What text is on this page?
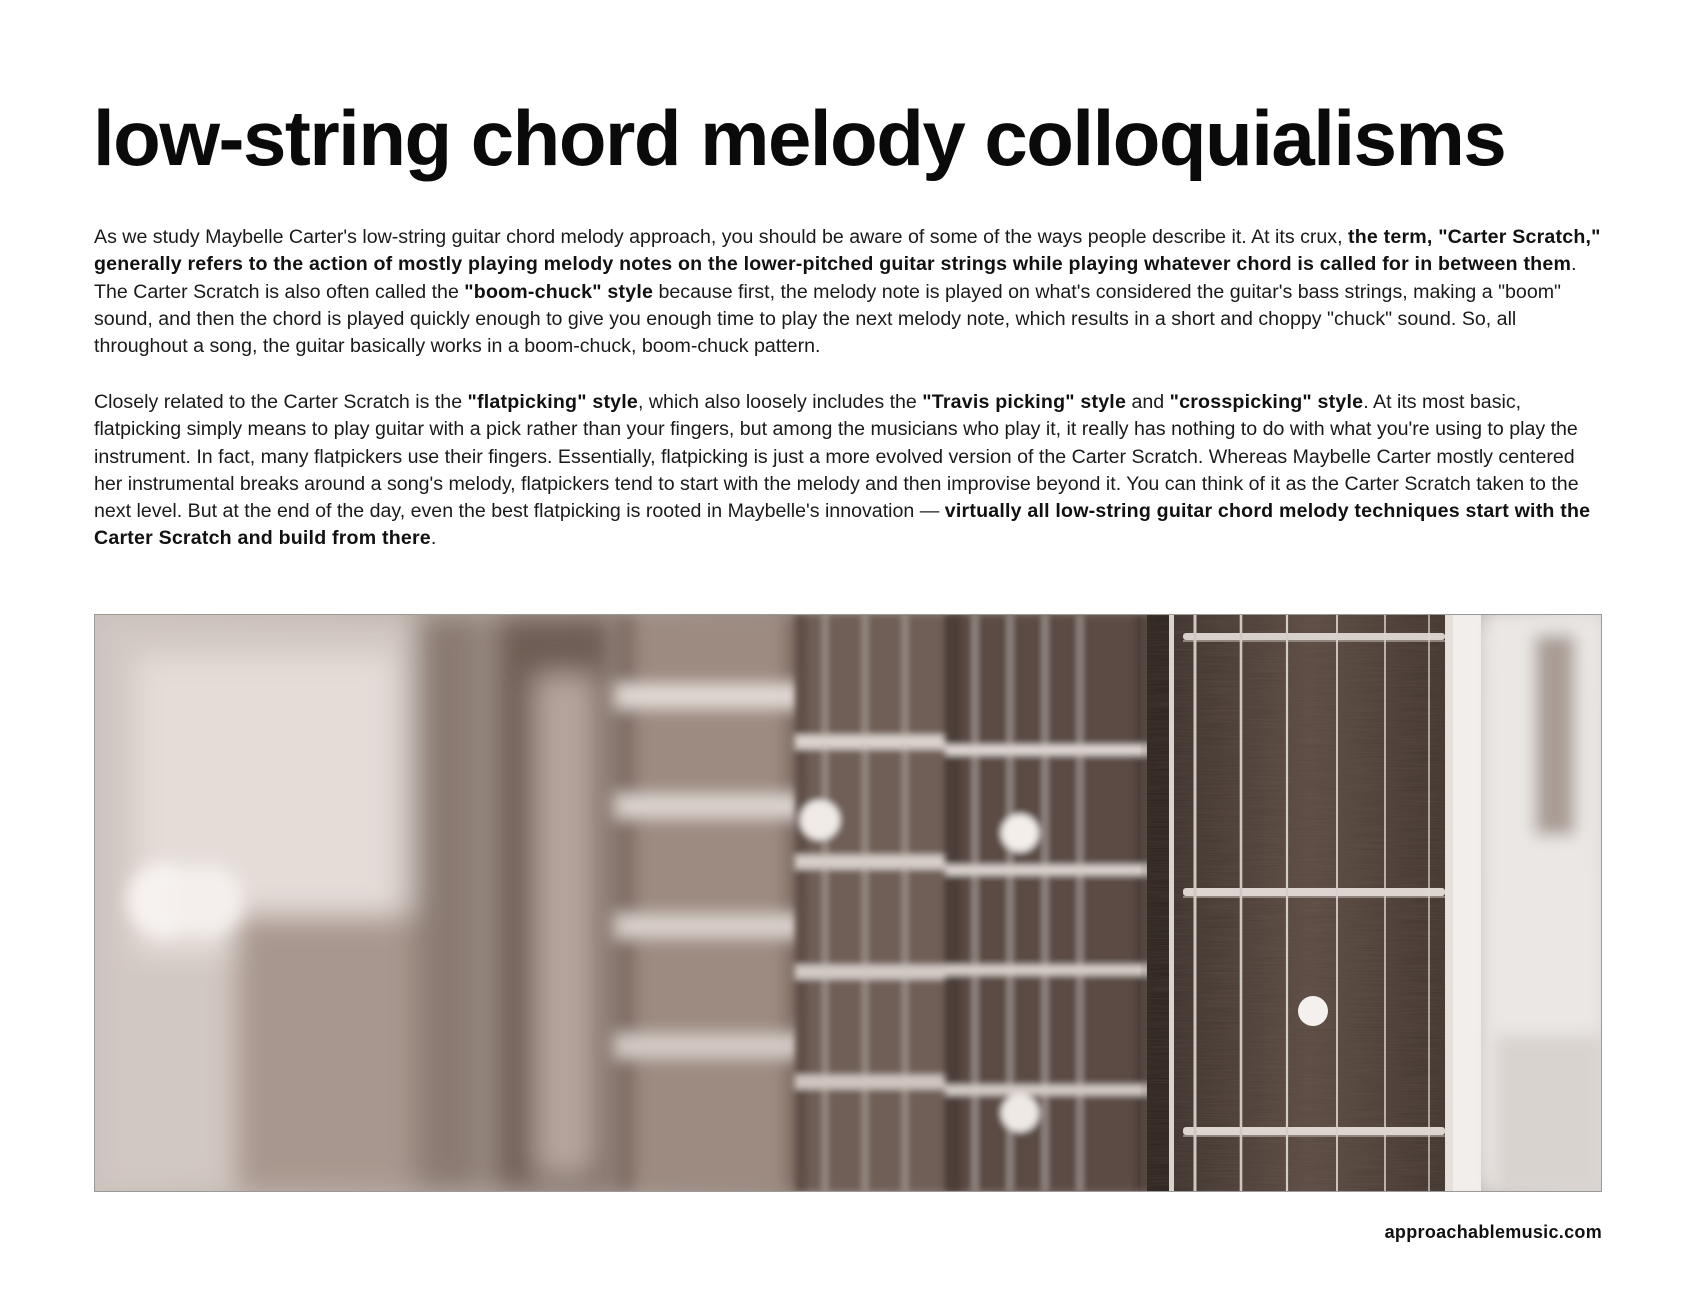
low-string chord melody colloquialisms

As we study Maybelle Carter's low-string guitar chord melody approach, you should be aware of some of the ways people describe it. At its crux, the term, "Carter Scratch," generally refers to the action of mostly playing melody notes on the lower-pitched guitar strings while playing whatever chord is called for in between them. The Carter Scratch is also often called the "boom-chuck" style because first, the melody note is played on what's considered the guitar's bass strings, making a "boom" sound, and then the chord is played quickly enough to give you enough time to play the next melody note, which results in a short and choppy "chuck" sound. So, all throughout a song, the guitar basically works in a boom-chuck, boom-chuck pattern.

Closely related to the Carter Scratch is the "flatpicking" style, which also loosely includes the "Travis picking" style and "crosspicking" style. At its most basic, flatpicking simply means to play guitar with a pick rather than your fingers, but among the musicians who play it, it really has nothing to do with what you're using to play the instrument. In fact, many flatpickers use their fingers. Essentially, flatpicking is just a more evolved version of the Carter Scratch. Whereas Maybelle Carter mostly centered her instrumental breaks around a song's melody, flatpickers tend to start with the melody and then improvise beyond it. You can think of it as the Carter Scratch taken to the next level. But at the end of the day, even the best flatpicking is rooted in Maybelle's innovation — virtually all low-string guitar chord melody techniques start with the Carter Scratch and build from there.

approachablemusic.com
